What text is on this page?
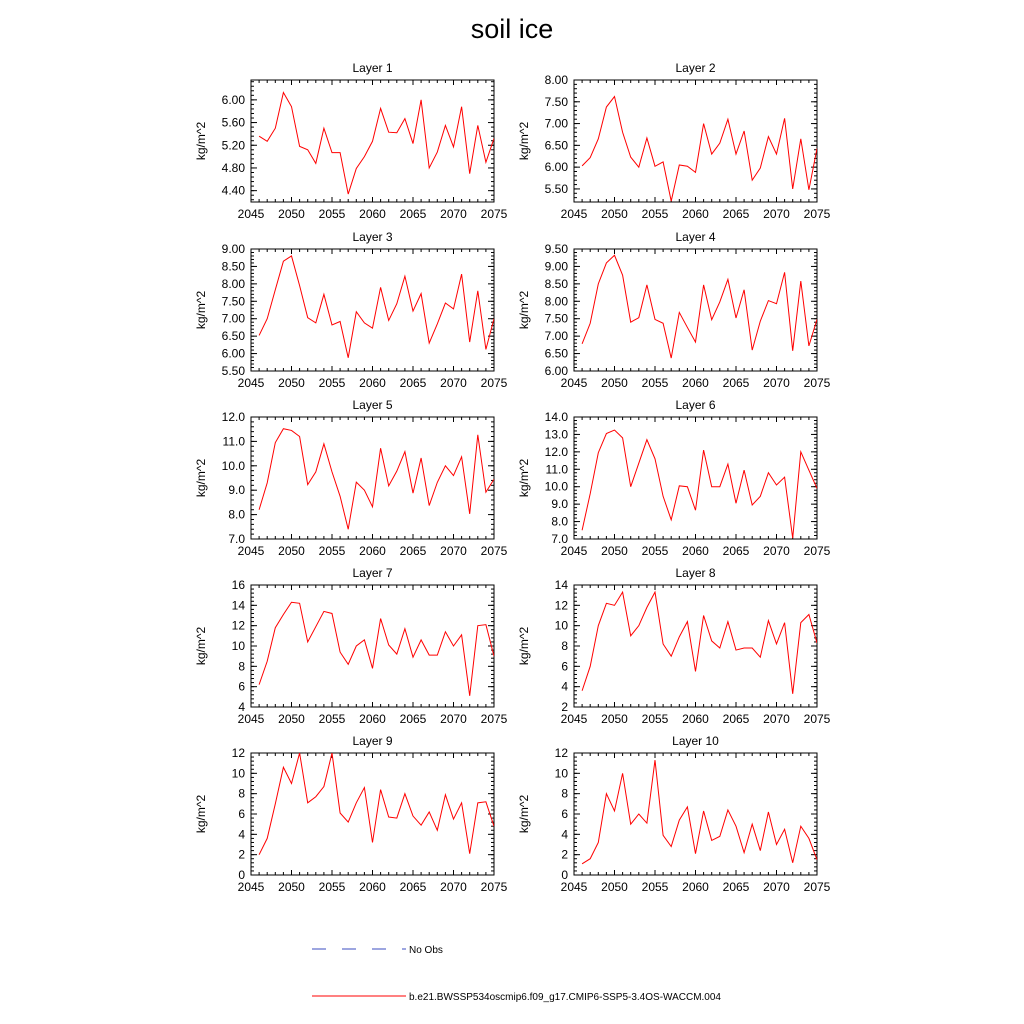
soil ice
Layer 1
kg/m^2
2045 2050 2055 2060 2065 2070 2075
4.40
4.80
5.20
5.60
6.00
Layer 2
kg/m^2
2045 2050 2055 2060 2065 2070 2075
5.50
6.00
6.50
7.00
7.50
8.00
Layer 3
kg/m^2
2045 2050 2055 2060 2065 2070 2075
5.50
6.00
6.50
7.00
7.50
8.00
8.50
9.00
Layer 4
kg/m^2
2045 2050 2055 2060 2065 2070 2075
6.00
6.50
7.00
7.50
8.00
8.50
9.00
9.50
Layer 5
kg/m^2
2045 2050 2055 2060 2065 2070 2075
7.0
8.0
9.0
10.0
11.0
12.0
Layer 6
kg/m^2
2045 2050 2055 2060 2065 2070 2075
7.0
8.0
9.0
10.0
11.0
12.0
13.0
14.0
Layer 7
kg/m^2
2045 2050 2055 2060 2065 2070 2075
4
6
8
10
12
14
16
Layer 8
kg/m^2
2045 2050 2055 2060 2065 2070 2075
2
4
6
8
10
12
14
Layer 9
kg/m^2
2045 2050 2055 2060 2065 2070 2075
0
2
4
6
8
10
12
Layer 10
kg/m^2
2045 2050 2055 2060 2065 2070 2075
0
2
4
6
8
10
12
No Obs
b.e21.BWSSP534oscmip6.f09_g17.CMIP6-SSP5-3.4OS-WACCM.004
